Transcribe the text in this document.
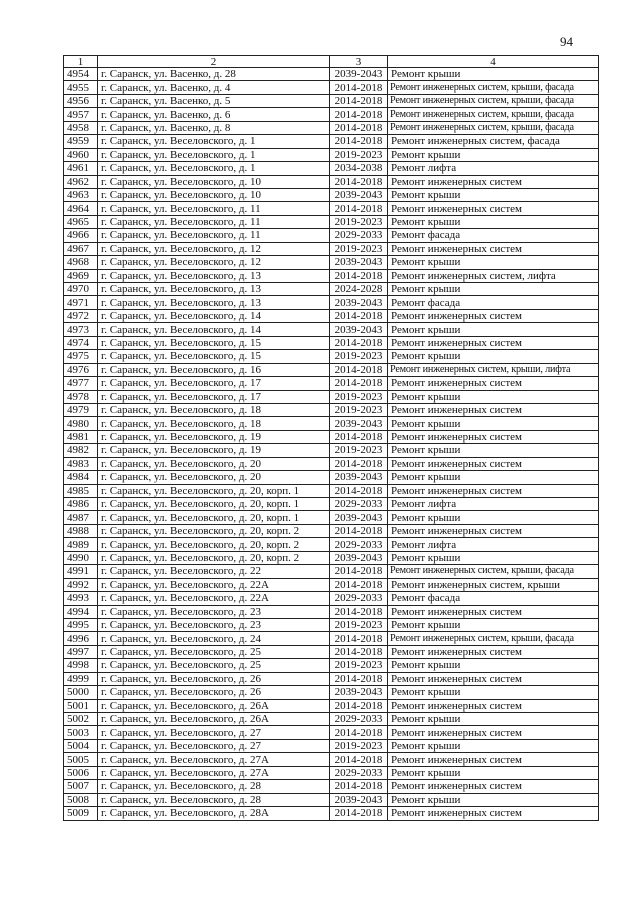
94
1	2	3	4
4954	г. Саранск, ул. Васенко, д. 28	2039-2043	Ремонт крыши
4955	г. Саранск, ул. Васенко, д. 4	2014-2018	Ремонт инженерных систем, крыши, фасада
4956	г. Саранск, ул. Васенко, д. 5	2014-2018	Ремонт инженерных систем, крыши, фасада
4957	г. Саранск, ул. Васенко, д. 6	2014-2018	Ремонт инженерных систем, крыши, фасада
4958	г. Саранск, ул. Васенко, д. 8	2014-2018	Ремонт инженерных систем, крыши, фасада
4959	г. Саранск, ул. Веселовского, д. 1	2014-2018	Ремонт инженерных систем, фасада
4960	г. Саранск, ул. Веселовского, д. 1	2019-2023	Ремонт крыши
4961	г. Саранск, ул. Веселовского, д. 1	2034-2038	Ремонт лифта
4962	г. Саранск, ул. Веселовского, д. 10	2014-2018	Ремонт инженерных систем
4963	г. Саранск, ул. Веселовского, д. 10	2039-2043	Ремонт крыши
4964	г. Саранск, ул. Веселовского, д. 11	2014-2018	Ремонт инженерных систем
4965	г. Саранск, ул. Веселовского, д. 11	2019-2023	Ремонт крыши
4966	г. Саранск, ул. Веселовского, д. 11	2029-2033	Ремонт фасада
4967	г. Саранск, ул. Веселовского, д. 12	2019-2023	Ремонт инженерных систем
4968	г. Саранск, ул. Веселовского, д. 12	2039-2043	Ремонт крыши
4969	г. Саранск, ул. Веселовского, д. 13	2014-2018	Ремонт инженерных систем, лифта
4970	г. Саранск, ул. Веселовского, д. 13	2024-2028	Ремонт крыши
4971	г. Саранск, ул. Веселовского, д. 13	2039-2043	Ремонт фасада
4972	г. Саранск, ул. Веселовского, д. 14	2014-2018	Ремонт инженерных систем
4973	г. Саранск, ул. Веселовского, д. 14	2039-2043	Ремонт крыши
4974	г. Саранск, ул. Веселовского, д. 15	2014-2018	Ремонт инженерных систем
4975	г. Саранск, ул. Веселовского, д. 15	2019-2023	Ремонт крыши
4976	г. Саранск, ул. Веселовского, д. 16	2014-2018	Ремонт инженерных систем, крыши, лифта
4977	г. Саранск, ул. Веселовского, д. 17	2014-2018	Ремонт инженерных систем
4978	г. Саранск, ул. Веселовского, д. 17	2019-2023	Ремонт крыши
4979	г. Саранск, ул. Веселовского, д. 18	2019-2023	Ремонт инженерных систем
4980	г. Саранск, ул. Веселовского, д. 18	2039-2043	Ремонт крыши
4981	г. Саранск, ул. Веселовского, д. 19	2014-2018	Ремонт инженерных систем
4982	г. Саранск, ул. Веселовского, д. 19	2019-2023	Ремонт крыши
4983	г. Саранск, ул. Веселовского, д. 20	2014-2018	Ремонт инженерных систем
4984	г. Саранск, ул. Веселовского, д. 20	2039-2043	Ремонт крыши
4985	г. Саранск, ул. Веселовского, д. 20, корп. 1	2014-2018	Ремонт инженерных систем
4986	г. Саранск, ул. Веселовского, д. 20, корп. 1	2029-2033	Ремонт лифта
4987	г. Саранск, ул. Веселовского, д. 20, корп. 1	2039-2043	Ремонт крыши
4988	г. Саранск, ул. Веселовского, д. 20, корп. 2	2014-2018	Ремонт инженерных систем
4989	г. Саранск, ул. Веселовского, д. 20, корп. 2	2029-2033	Ремонт лифта
4990	г. Саранск, ул. Веселовского, д. 20, корп. 2	2039-2043	Ремонт крыши
4991	г. Саранск, ул. Веселовского, д. 22	2014-2018	Ремонт инженерных систем, крыши, фасада
4992	г. Саранск, ул. Веселовского, д. 22А	2014-2018	Ремонт инженерных систем, крыши
4993	г. Саранск, ул. Веселовского, д. 22А	2029-2033	Ремонт фасада
4994	г. Саранск, ул. Веселовского, д. 23	2014-2018	Ремонт инженерных систем
4995	г. Саранск, ул. Веселовского, д. 23	2019-2023	Ремонт крыши
4996	г. Саранск, ул. Веселовского, д. 24	2014-2018	Ремонт инженерных систем, крыши, фасада
4997	г. Саранск, ул. Веселовского, д. 25	2014-2018	Ремонт инженерных систем
4998	г. Саранск, ул. Веселовского, д. 25	2019-2023	Ремонт крыши
4999	г. Саранск, ул. Веселовского, д. 26	2014-2018	Ремонт инженерных систем
5000	г. Саранск, ул. Веселовского, д. 26	2039-2043	Ремонт крыши
5001	г. Саранск, ул. Веселовского, д. 26А	2014-2018	Ремонт инженерных систем
5002	г. Саранск, ул. Веселовского, д. 26А	2029-2033	Ремонт крыши
5003	г. Саранск, ул. Веселовского, д. 27	2014-2018	Ремонт инженерных систем
5004	г. Саранск, ул. Веселовского, д. 27	2019-2023	Ремонт крыши
5005	г. Саранск, ул. Веселовского, д. 27А	2014-2018	Ремонт инженерных систем
5006	г. Саранск, ул. Веселовского, д. 27А	2029-2033	Ремонт крыши
5007	г. Саранск, ул. Веселовского, д. 28	2014-2018	Ремонт инженерных систем
5008	г. Саранск, ул. Веселовского, д. 28	2039-2043	Ремонт крыши
5009	г. Саранск, ул. Веселовского, д. 28А	2014-2018	Ремонт инженерных систем
